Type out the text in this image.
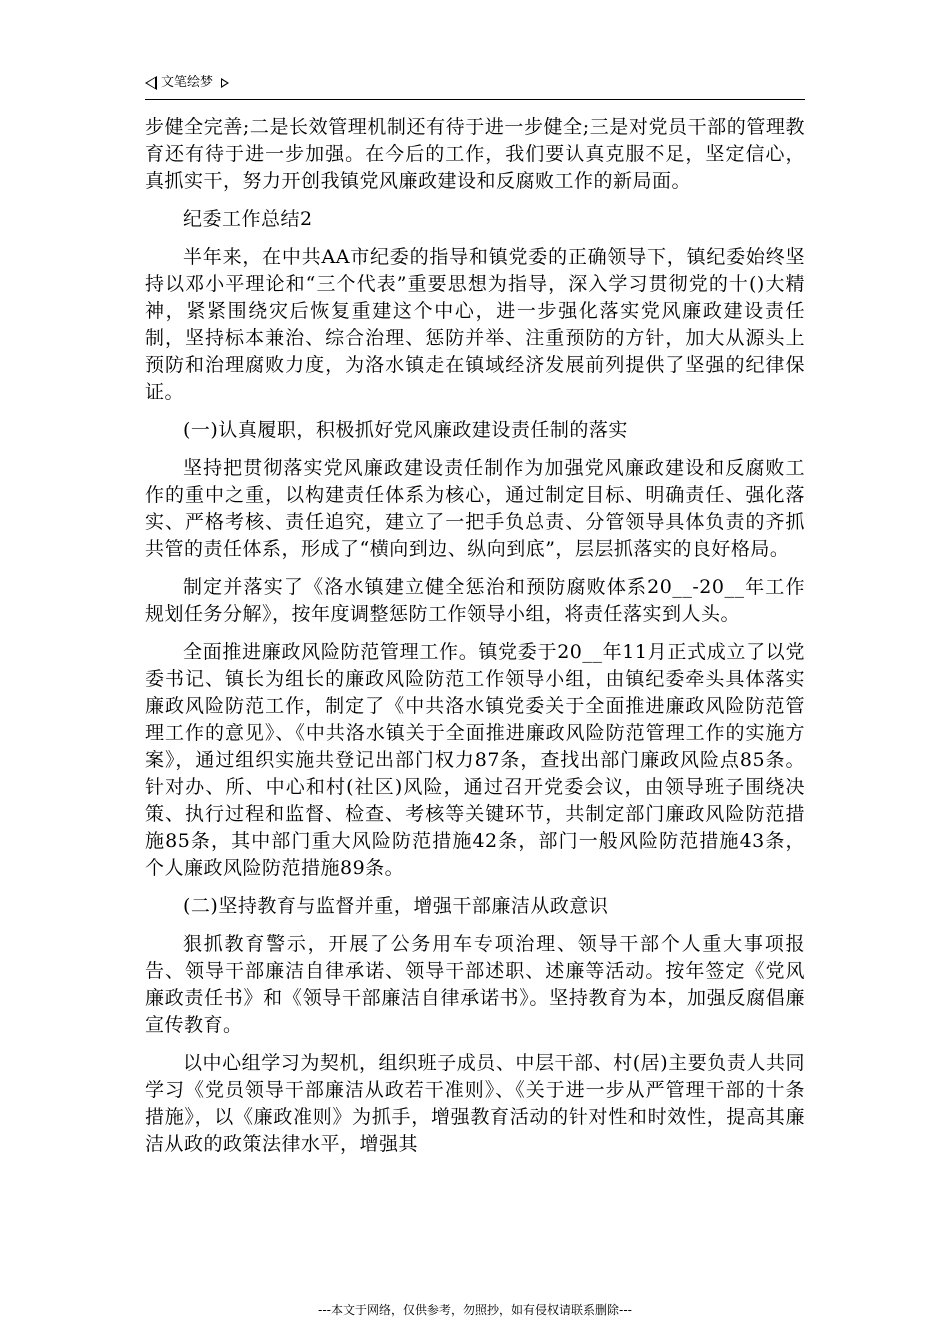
文笔绘梦

步健全完善;二是长效管理机制还有待于进一步健全;三是对党员干部的管理教育还有待于进一步加强。在今后的工作，我们要认真克服不足，坚定信心，真抓实干，努力开创我镇党风廉政建设和反腐败工作的新局面。

纪委工作总结2

半年来，在中共AA市纪委的指导和镇党委的正确领导下，镇纪委始终坚持以邓小平理论和“三个代表”重要思想为指导，深入学习贯彻党的十()大精神，紧紧围绕灾后恢复重建这个中心，进一步强化落实党风廉政建设责任制，坚持标本兼治、综合治理、惩防并举、注重预防的方针，加大从源头上预防和治理腐败力度，为洛水镇走在镇域经济发展前列提供了坚强的纪律保证。

(一)认真履职，积极抓好党风廉政建设责任制的落实

坚持把贯彻落实党风廉政建设责任制作为加强党风廉政建设和反腐败工作的重中之重，以构建责任体系为核心，通过制定目标、明确责任、强化落实、严格考核、责任追究，建立了一把手负总责、分管领导具体负责的齐抓共管的责任体系，形成了“横向到边、纵向到底”，层层抓落实的良好格局。

制定并落实了《洛水镇建立健全惩治和预防腐败体系20__-20__年工作规划任务分解》，按年度调整惩防工作领导小组，将责任落实到人头。

全面推进廉政风险防范管理工作。镇党委于20__年11月正式成立了以党委书记、镇长为组长的廉政风险防范工作领导小组，由镇纪委牵头具体落实廉政风险防范工作，制定了《中共洛水镇党委关于全面推进廉政风险防范管理工作的意见》、《中共洛水镇关于全面推进廉政风险防范管理工作的实施方案》，通过组织实施共登记出部门权力87条，查找出部门廉政风险点85条。针对办、所、中心和村(社区)风险，通过召开党委会议，由领导班子围绕决策、执行过程和监督、检查、考核等关键环节，共制定部门廉政风险防范措施85条，其中部门重大风险防范措施42条，部门一般风险防范措施43条，个人廉政风险防范措施89条。

(二)坚持教育与监督并重，增强干部廉洁从政意识

狠抓教育警示，开展了公务用车专项治理、领导干部个人重大事项报告、领导干部廉洁自律承诺、领导干部述职、述廉等活动。按年签定《党风廉政责任书》和《领导干部廉洁自律承诺书》。坚持教育为本，加强反腐倡廉宣传教育。

以中心组学习为契机，组织班子成员、中层干部、村(居)主要负责人共同学习《党员领导干部廉洁从政若干准则》、《关于进一步从严管理干部的十条措施》，以《廉政准则》为抓手，增强教育活动的针对性和时效性，提高其廉洁从政的政策法律水平，增强其

---本文于网络，仅供参考，勿照抄，如有侵权请联系删除---
